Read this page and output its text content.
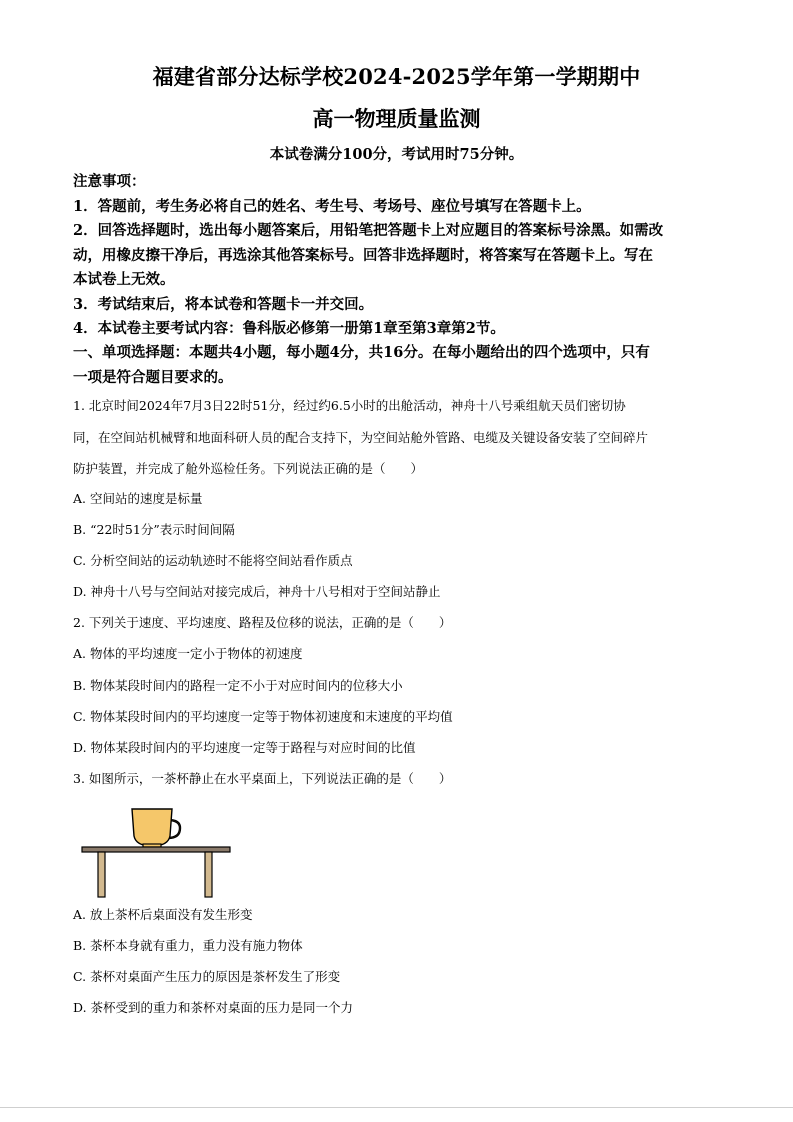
福建省部分达标学校2024-2025学年第一学期期中
高一物理质量监测
本试卷满分100分，考试用时75分钟。

注意事项：

1．答题前，考生务必将自己的姓名、考生号、考场号、座位号填写在答题卡上。

2．回答选择题时，选出每小题答案后，用铅笔把答题卡上对应题目的答案标号涂黑。如需改

动，用橡皮擦干净后，再选涂其他答案标号。回答非选择题时，将答案写在答题卡上。写在

本试卷上无效。

3．考试结束后，将本试卷和答题卡一并交回。

4．本试卷主要考试内容：鲁科版必修第一册第1章至第3章第2节。

一、单项选择题：本题共4小题，每小题4分，共16分。在每小题给出的四个选项中，只有
一项是符合题目要求的。
1. 北京时间2024年7月3日22时51分，经过约6.5小时的出舱活动，神舟十八号乘组航天员们密切协
同，在空间站机械臂和地面科研人员的配合支持下，为空间站舱外管路、电缆及关键设备安装了空间碎片
防护装置，并完成了舱外巡检任务。下列说法正确的是（　　）
A. 空间站的速度是标量
B. “22时51分”表示时间间隔
C. 分析空间站的运动轨迹时不能将空间站看作质点
D. 神舟十八号与空间站对接完成后，神舟十八号相对于空间站静止
2. 下列关于速度、平均速度、路程及位移的说法，正确的是（　　）
A. 物体的平均速度一定小于物体的初速度
B. 物体某段时间内的路程一定不小于对应时间内的位移大小
C. 物体某段时间内的平均速度一定等于物体初速度和末速度的平均值
D. 物体某段时间内的平均速度一定等于路程与对应时间的比值
3. 如图所示，一茶杯静止在水平桌面上，下列说法正确的是（　　）
A. 放上茶杯后桌面没有发生形变
B. 茶杯本身就有重力，重力没有施力物体
C. 茶杯对桌面产生压力的原因是茶杯发生了形变
D. 茶杯受到的重力和茶杯对桌面的压力是同一个力
